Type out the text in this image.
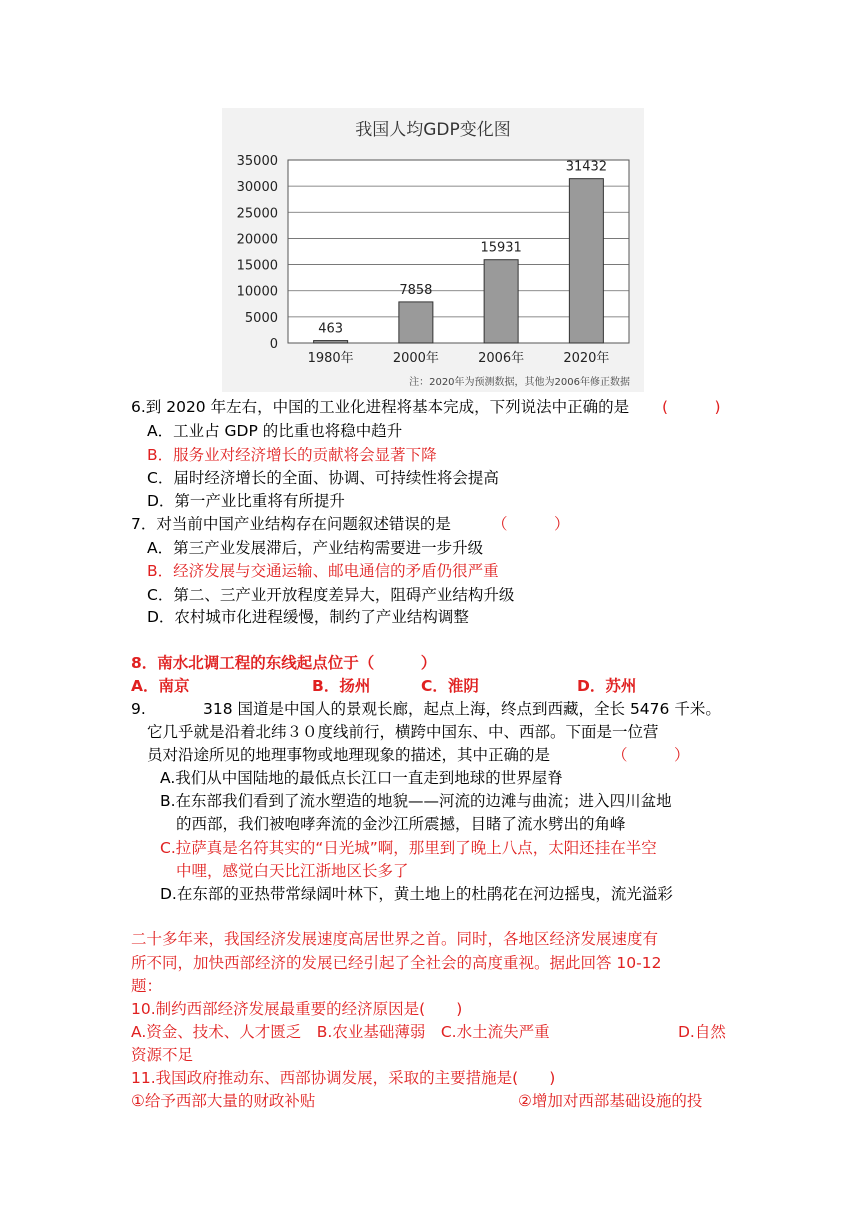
我国人均GDP变化图
0
5000
10000
15000
20000
25000
30000
35000
1980年	2000年	2006年	2020年
463
7858
15931
31432
注：2020年为预测数据，其他为2006年修正数据
6.到 2020 年左右，中国的工业化进程将基本完成，下列说法中正确的是 (　　　)
A．工业占 GDP 的比重也将稳中趋升
B．服务业对经济增长的贡献将会显著下降
C．届时经济增长的全面、协调、可持续性将会提高
D．第一产业比重将有所提升
7．对当前中国产业结构存在问题叙述错误的是	（　　　）
A．第三产业发展滞后，产业结构需要进一步升级
B．经济发展与交通运输、邮电通信的矛盾仍很严重
C．第二、三产业开放程度差异大，阻碍产业结构升级
D．农村城市化进程缓慢，制约了产业结构调整
8．南水北调工程的东线起点位于（　　　）
A．南京	B．扬州	C．淮阴	D．苏州
9.	318 国道是中国人的景观长廊，起点上海，终点到西藏，全长 5476 千米。
它几乎就是沿着北纬３０度线前行，横跨中国东、中、西部。下面是一位营
员对沿途所见的地理事物或地理现象的描述，其中正确的是	（　　　）
A.我们从中国陆地的最低点长江口一直走到地球的世界屋脊
B.在东部我们看到了流水塑造的地貌——河流的边滩与曲流；进入四川盆地
的西部，我们被咆哮奔流的金沙江所震撼，目睹了流水劈出的角峰
C.拉萨真是名符其实的“日光城”啊，那里到了晚上八点，太阳还挂在半空
中哩，感觉白天比江浙地区长多了
D.在东部的亚热带常绿阔叶林下，黄土地上的杜鹃花在河边摇曳，流光溢彩
二十多年来，我国经济发展速度高居世界之首。同时，各地区经济发展速度有
所不同，加快西部经济的发展已经引起了全社会的高度重视。据此回答 10-12
题：
10.制约西部经济发展最重要的经济原因是(　　)
A.资金、技术、人才匮乏　B.农业基础薄弱　C.水土流失严重	D.自然
资源不足
11.我国政府推动东、西部协调发展，采取的主要措施是(　　)
①给予西部大量的财政补贴	②增加对西部基础设施的投
